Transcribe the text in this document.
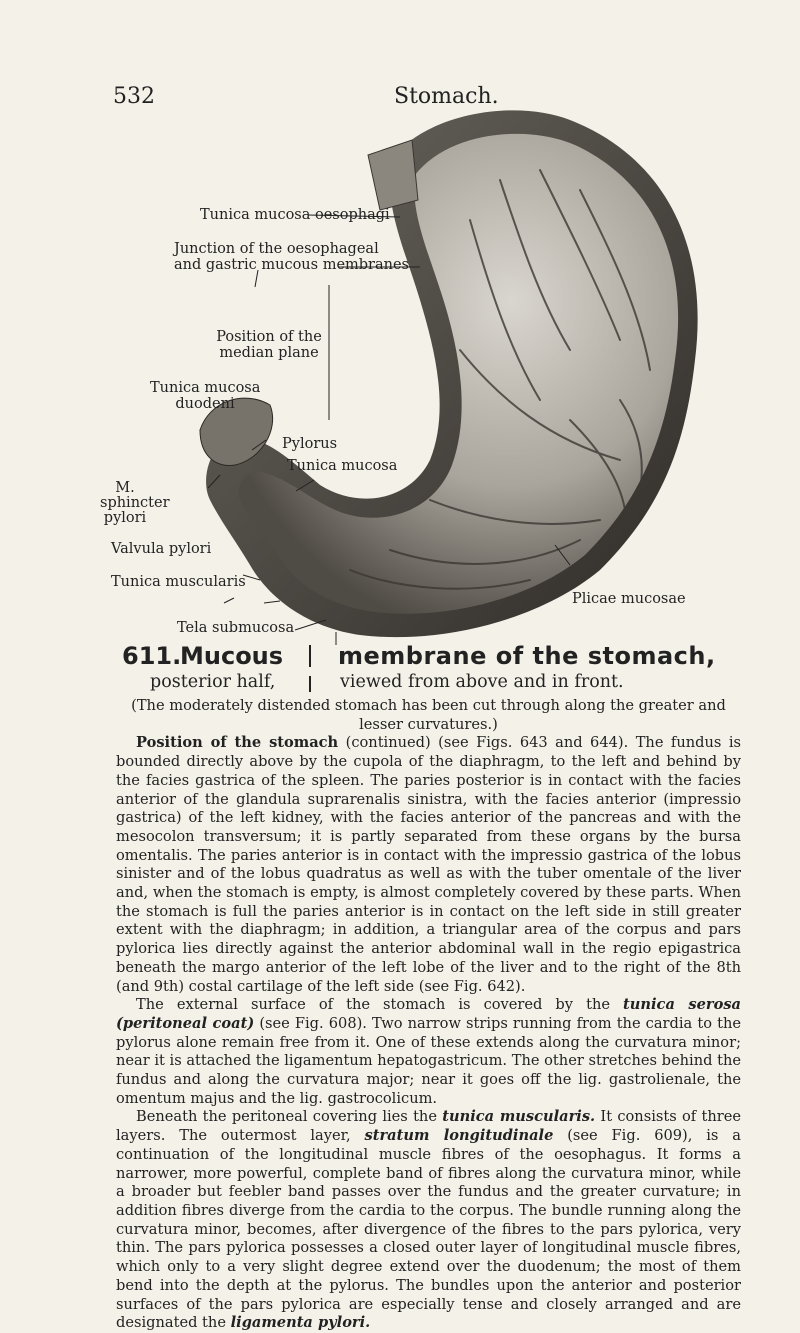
532	Stomach.
Tunica mucosa oesophagi
Junction of the oesophageal
and gastric mucous membranes
Position of the
median plane
Tunica mucosa
duodeni
Pylorus
Tunica mucosa
M.
sphincter
pylori
Valvula pylori
Tunica muscularis
Plicae mucosae
Tela submucosa
611.
Mucous membrane of the stomach,
posterior half,	viewed from above and in front.

(The moderately distended stomach has been cut through along the greater and lesser curvatures.)

Position of the stomach (continued) (see Figs. 643 and 644). The fundus is bounded directly above by the cupola of the diaphragm, to the left and behind by the facies gastrica of the spleen. The paries posterior is in contact with the facies anterior of the glandula suprarenalis sinistra, with the facies anterior (impressio gastrica) of the left kidney, with the facies anterior of the pancreas and with the mesocolon transversum; it is partly separated from these organs by the bursa omentalis. The paries anterior is in contact with the impressio gastrica of the lobus sinister and of the lobus quadratus as well as with the tuber omentale of the liver and, when the stomach is empty, is almost completely covered by these parts. When the stomach is full the paries anterior is in contact on the left side in still greater extent with the diaphragm; in addition, a triangular area of the corpus and pars pylorica lies directly against the anterior abdominal wall in the regio epigastrica beneath the margo anterior of the left lobe of the liver and to the right of the 8th (and 9th) costal cartilage of the left side (see Fig. 642).

The external surface of the stomach is covered by the tunica serosa (peritoneal coat) (see Fig. 608). Two narrow strips running from the cardia to the pylorus alone remain free from it. One of these extends along the curvatura minor; near it is attached the ligamentum hepatogastricum. The other stretches behind the fundus and along the curvatura major; near it goes off the lig. gastrolienale, the omentum majus and the lig. gastrocolicum.

Beneath the peritoneal covering lies the tunica muscularis. It consists of three layers. The outermost layer, stratum longitudinale (see Fig. 609), is a continuation of the longitudinal muscle fibres of the oesophagus. It forms a narrower, more powerful, complete band of fibres along the curvatura minor, while a broader but feebler band passes over the fundus and the greater curvature; in addition fibres diverge from the cardia to the corpus. The bundle running along the curvatura minor, becomes, after divergence of the fibres to the pars pylorica, very thin. The pars pylorica possesses a closed outer layer of longitudinal muscle fibres, which only to a very slight degree extend over the duodenum; the most of them bend into the depth at the pylorus. The bundles upon the anterior and posterior surfaces of the pars pylorica are especially tense and closely arranged and are designated the ligamenta pylori.
